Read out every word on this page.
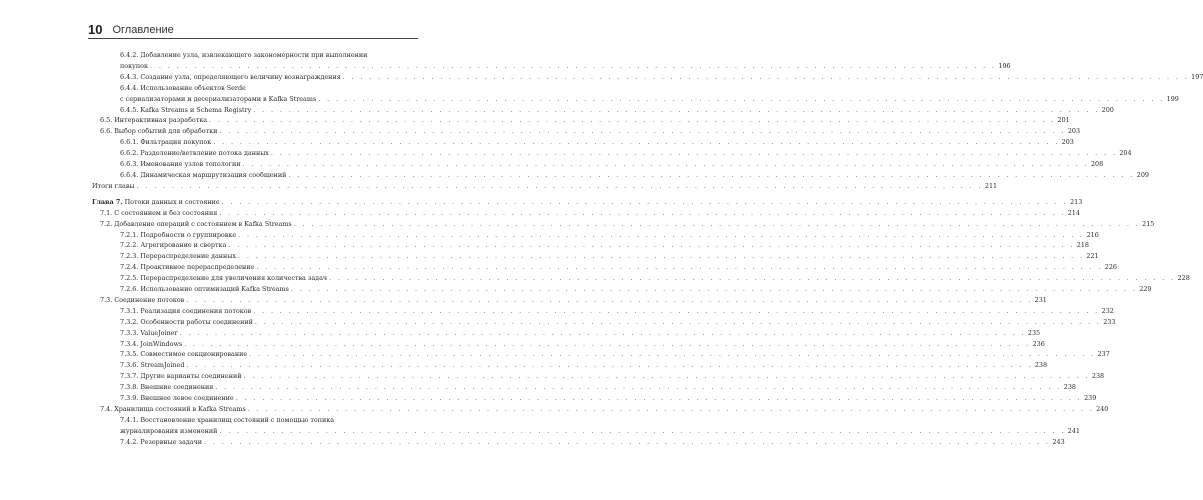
10 Оглавление
6.4.2. Добавление узла, извлекающего закономерности при выполнении
покупок . . . . . . . . . . . . . . . . . . . . . . . . . . . . . . . . . . . . . . . . . . . . . . . . . . . . . . . . . . . . . . . . . . . . . . . . . . . . . . . . . . . . . . . . . . . . . . . . 196
6.4.3. Создание узла, определяющего величину вознаграждения . . . . . . . . . . . . . . . . . . . . . . . . . . . . . . . . . . . . . . . . . . . . . . . . . . . . . . . . . . . . . . . . . . . . . . . . . . . . . . . . . . . . . . . . . . . . . . . . 197
6.4.4. Использование объектов Serde
с сериализаторами и десериализаторами в Kafka Streams . . . . . . . . . . . . . . . . . . . . . . . . . . . . . . . . . . . . . . . . . . . . . . . . . . . . . . . . . . . . . . . . . . . . . . . . . . . . . . . . . . . . . . . . . . . . . . . . 199
6.4.5. Kafka Streams и Schema Registry . . . . . . . . . . . . . . . . . . . . . . . . . . . . . . . . . . . . . . . . . . . . . . . . . . . . . . . . . . . . . . . . . . . . . . . . . . . . . . . . . . . . . . . . . . . . . . . . 200
6.5. Интерактивная разработка . . . . . . . . . . . . . . . . . . . . . . . . . . . . . . . . . . . . . . . . . . . . . . . . . . . . . . . . . . . . . . . . . . . . . . . . . . . . . . . . . . . . . . . . . . . . . . . . 201
6.6. Выбор событий для обработки . . . . . . . . . . . . . . . . . . . . . . . . . . . . . . . . . . . . . . . . . . . . . . . . . . . . . . . . . . . . . . . . . . . . . . . . . . . . . . . . . . . . . . . . . . . . . . . . 203
6.6.1. Фильтрация покупок . . . . . . . . . . . . . . . . . . . . . . . . . . . . . . . . . . . . . . . . . . . . . . . . . . . . . . . . . . . . . . . . . . . . . . . . . . . . . . . . . . . . . . . . . . . . . . . . 203
6.6.2. Разделение/ветвление потока данных . . . . . . . . . . . . . . . . . . . . . . . . . . . . . . . . . . . . . . . . . . . . . . . . . . . . . . . . . . . . . . . . . . . . . . . . . . . . . . . . . . . . . . . . . . . . . . . . 204
6.6.3. Именование узлов топологии . . . . . . . . . . . . . . . . . . . . . . . . . . . . . . . . . . . . . . . . . . . . . . . . . . . . . . . . . . . . . . . . . . . . . . . . . . . . . . . . . . . . . . . . . . . . . . . . 208
6.6.4. Динамическая маршрутизация сообщений . . . . . . . . . . . . . . . . . . . . . . . . . . . . . . . . . . . . . . . . . . . . . . . . . . . . . . . . . . . . . . . . . . . . . . . . . . . . . . . . . . . . . . . . . . . . . . . . 209
Итоги главы . . . . . . . . . . . . . . . . . . . . . . . . . . . . . . . . . . . . . . . . . . . . . . . . . . . . . . . . . . . . . . . . . . . . . . . . . . . . . . . . . . . . . . . . . . . . . . . . 211
Глава 7. Потоки данных и состояние . . . . . . . . . . . . . . . . . . . . . . . . . . . . . . . . . . . . . . . . . . . . . . . . . . . . . . . . . . . . . . . . . . . . . . . . . . . . . . . . . . . . . . . . . . . . . . . . 213
7.1. С состоянием и без состояния . . . . . . . . . . . . . . . . . . . . . . . . . . . . . . . . . . . . . . . . . . . . . . . . . . . . . . . . . . . . . . . . . . . . . . . . . . . . . . . . . . . . . . . . . . . . . . . . 214
7.2. Добавление операций с состоянием в Kafka Streams . . . . . . . . . . . . . . . . . . . . . . . . . . . . . . . . . . . . . . . . . . . . . . . . . . . . . . . . . . . . . . . . . . . . . . . . . . . . . . . . . . . . . . . . . . . . . . . . 215
7.2.1. Подробности о группировке . . . . . . . . . . . . . . . . . . . . . . . . . . . . . . . . . . . . . . . . . . . . . . . . . . . . . . . . . . . . . . . . . . . . . . . . . . . . . . . . . . . . . . . . . . . . . . . . 216
7.2.2. Агрегирование и свертка . . . . . . . . . . . . . . . . . . . . . . . . . . . . . . . . . . . . . . . . . . . . . . . . . . . . . . . . . . . . . . . . . . . . . . . . . . . . . . . . . . . . . . . . . . . . . . . . 218
7.2.3. Перераспределение данных . . . . . . . . . . . . . . . . . . . . . . . . . . . . . . . . . . . . . . . . . . . . . . . . . . . . . . . . . . . . . . . . . . . . . . . . . . . . . . . . . . . . . . . . . . . . . . . . 221
7.2.4. Проактивное перераспределение . . . . . . . . . . . . . . . . . . . . . . . . . . . . . . . . . . . . . . . . . . . . . . . . . . . . . . . . . . . . . . . . . . . . . . . . . . . . . . . . . . . . . . . . . . . . . . . . 226
7.2.5. Перераспределение для увеличения количества задач . . . . . . . . . . . . . . . . . . . . . . . . . . . . . . . . . . . . . . . . . . . . . . . . . . . . . . . . . . . . . . . . . . . . . . . . . . . . . . . . . . . . . . . . . . . . . . . . 228
7.2.6. Использование оптимизаций Kafka Streams . . . . . . . . . . . . . . . . . . . . . . . . . . . . . . . . . . . . . . . . . . . . . . . . . . . . . . . . . . . . . . . . . . . . . . . . . . . . . . . . . . . . . . . . . . . . . . . . 229
7.3. Соединение потоков . . . . . . . . . . . . . . . . . . . . . . . . . . . . . . . . . . . . . . . . . . . . . . . . . . . . . . . . . . . . . . . . . . . . . . . . . . . . . . . . . . . . . . . . . . . . . . . . 231
7.3.1. Реализация соединения потоков . . . . . . . . . . . . . . . . . . . . . . . . . . . . . . . . . . . . . . . . . . . . . . . . . . . . . . . . . . . . . . . . . . . . . . . . . . . . . . . . . . . . . . . . . . . . . . . . 232
7.3.2. Особенности работы соединений . . . . . . . . . . . . . . . . . . . . . . . . . . . . . . . . . . . . . . . . . . . . . . . . . . . . . . . . . . . . . . . . . . . . . . . . . . . . . . . . . . . . . . . . . . . . . . . . 233
7.3.3. ValueJoiner . . . . . . . . . . . . . . . . . . . . . . . . . . . . . . . . . . . . . . . . . . . . . . . . . . . . . . . . . . . . . . . . . . . . . . . . . . . . . . . . . . . . . . . . . . . . . . . . 235
7.3.4. JoinWindows . . . . . . . . . . . . . . . . . . . . . . . . . . . . . . . . . . . . . . . . . . . . . . . . . . . . . . . . . . . . . . . . . . . . . . . . . . . . . . . . . . . . . . . . . . . . . . . . 236
7.3.5. Совместимое секционирование . . . . . . . . . . . . . . . . . . . . . . . . . . . . . . . . . . . . . . . . . . . . . . . . . . . . . . . . . . . . . . . . . . . . . . . . . . . . . . . . . . . . . . . . . . . . . . . . 237
7.3.6. StreamJoined . . . . . . . . . . . . . . . . . . . . . . . . . . . . . . . . . . . . . . . . . . . . . . . . . . . . . . . . . . . . . . . . . . . . . . . . . . . . . . . . . . . . . . . . . . . . . . . . 238
7.3.7. Другие варианты соединений . . . . . . . . . . . . . . . . . . . . . . . . . . . . . . . . . . . . . . . . . . . . . . . . . . . . . . . . . . . . . . . . . . . . . . . . . . . . . . . . . . . . . . . . . . . . . . . . 238
7.3.8. Внешние соединения . . . . . . . . . . . . . . . . . . . . . . . . . . . . . . . . . . . . . . . . . . . . . . . . . . . . . . . . . . . . . . . . . . . . . . . . . . . . . . . . . . . . . . . . . . . . . . . . 238
7.3.9. Внешнее левое соединение . . . . . . . . . . . . . . . . . . . . . . . . . . . . . . . . . . . . . . . . . . . . . . . . . . . . . . . . . . . . . . . . . . . . . . . . . . . . . . . . . . . . . . . . . . . . . . . . 239
7.4. Хранилища состояний в Kafka Streams . . . . . . . . . . . . . . . . . . . . . . . . . . . . . . . . . . . . . . . . . . . . . . . . . . . . . . . . . . . . . . . . . . . . . . . . . . . . . . . . . . . . . . . . . . . . . . . . 240
7.4.1. Восстановление хранилищ состояний с помощью топика
журналирования изменений . . . . . . . . . . . . . . . . . . . . . . . . . . . . . . . . . . . . . . . . . . . . . . . . . . . . . . . . . . . . . . . . . . . . . . . . . . . . . . . . . . . . . . . . . . . . . . . . 241
7.4.2. Резервные задачи . . . . . . . . . . . . . . . . . . . . . . . . . . . . . . . . . . . . . . . . . . . . . . . . . . . . . . . . . . . . . . . . . . . . . . . . . . . . . . . . . . . . . . . . . . . . . . . . 243
